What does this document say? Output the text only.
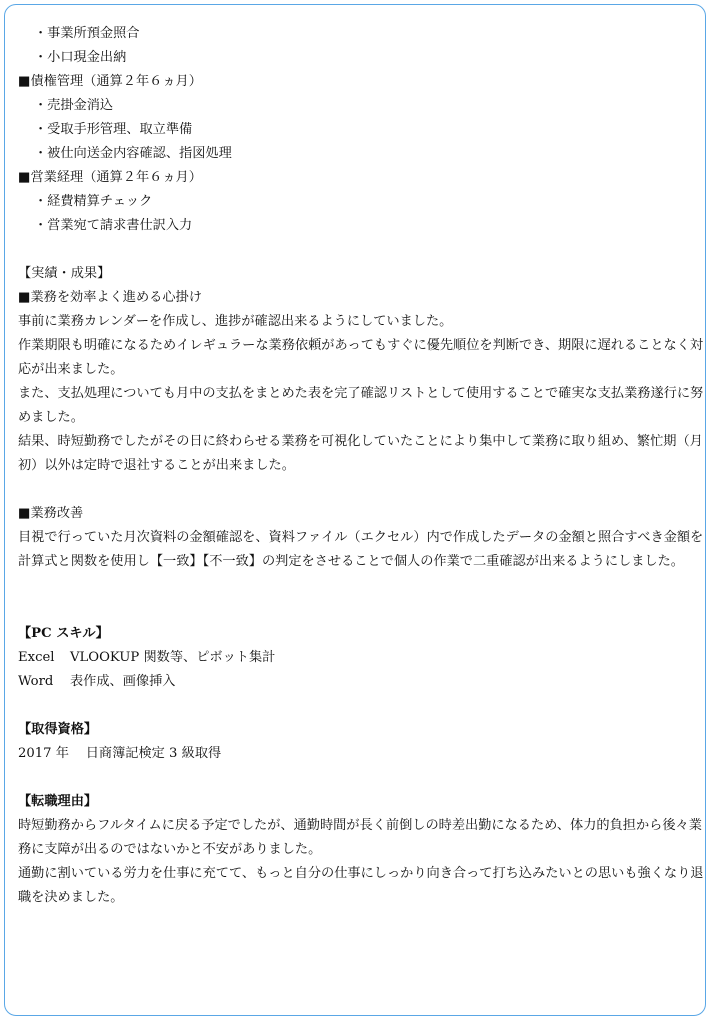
・事業所預金照合
・小口現金出納
■債権管理（通算２年６ヵ月）
・売掛金消込
・受取手形管理、取立準備
・被仕向送金内容確認、指図処理
■営業経理（通算２年６ヵ月）
・経費精算チェック
・営業宛て請求書仕訳入力
【実績・成果】
■業務を効率よく進める心掛け
事前に業務カレンダーを作成し、進捗が確認出来るようにしていました。
作業期限も明確になるためイレギュラーな業務依頼があってもすぐに優先順位を判断でき、期限に遅れることなく対応が出来ました。
また、支払処理についても月中の支払をまとめた表を完了確認リストとして使用することで確実な支払業務遂行に努めました。
結果、時短勤務でしたがその日に終わらせる業務を可視化していたことにより集中して業務に取り組め、繁忙期（月初）以外は定時で退社することが出来ました。
■業務改善
目視で行っていた月次資料の金額確認を、資料ファイル（エクセル）内で作成したデータの金額と照合すべき金額を計算式と関数を使用し【一致】【不一致】の判定をさせることで個人の作業で二重確認が出来るようにしました。
【PC スキル】
Excel	VLOOKUP 関数等、ピボット集計
Word	表作成、画像挿入
【取得資格】
2017 年 日商簿記検定 3 級取得
【転職理由】
時短勤務からフルタイムに戻る予定でしたが、通勤時間が長く前倒しの時差出勤になるため、体力的負担から後々業務に支障が出るのではないかと不安がありました。
通勤に割いている労力を仕事に充てて、もっと自分の仕事にしっかり向き合って打ち込みたいとの思いも強くなり退職を決めました。
